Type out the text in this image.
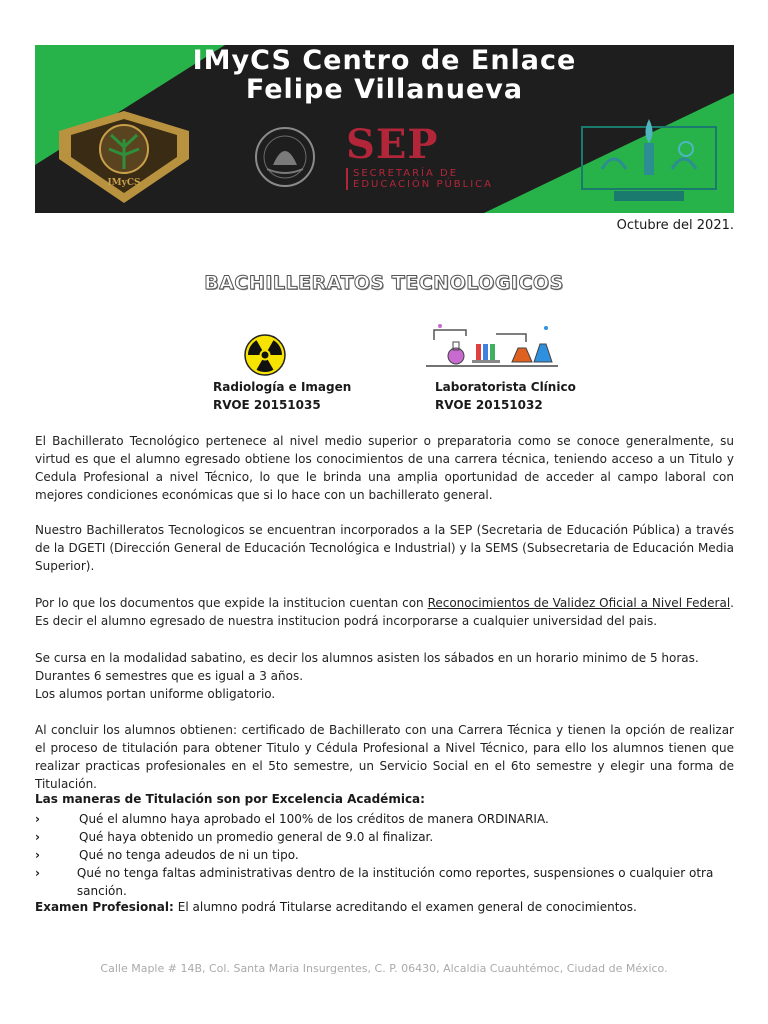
IMyCS Centro de Enlace
Felipe Villanueva
IMyCS
SEP
SECRETARÍA DE
EDUCACIÓN PÚBLICA
Octubre del 2021.
BACHILLERATOS TECNOLOGICOS
Radiología e Imagen
RVOE 20151035
Laboratorista Clínico
RVOE 20151032
El Bachillerato Tecnológico pertenece al nivel medio superior o preparatoria como se conoce generalmente, su virtud es que el alumno egresado obtiene los conocimientos de una carrera técnica, teniendo acceso a un Titulo y Cedula Profesional a nivel Técnico, lo que le brinda una amplia oportunidad de acceder al campo laboral con mejores condiciones económicas que si lo hace con un bachillerato general.
Nuestro Bachilleratos Tecnologicos se encuentran incorporados a la SEP (Secretaria de Educación Pública) a través de la DGETI (Dirección General de Educación Tecnológica e Industrial) y la SEMS (Subsecretaria de Educación Media Superior).
Por lo que los documentos que expide la institucion cuentan con Reconocimientos de Validez Oficial a Nivel Federal. Es decir el alumno egresado de nuestra institucion podrá incorporarse a cualquier universidad del pais.
Se cursa en la modalidad sabatino, es decir los alumnos asisten los sábados en un horario minimo de 5 horas.
Durantes 6 semestres que es igual a 3 años.
Los alumos portan uniforme obligatorio.
Al concluir los alumnos obtienen: certificado de Bachillerato con una Carrera Técnica y tienen la opción de realizar el proceso de titulación para obtener Titulo y Cédula Profesional a Nivel Técnico, para ello los alumnos tienen que realizar practicas profesionales en el 5to semestre, un Servicio Social en el 6to semestre y elegir una forma de Titulación.
Las maneras de Titulación son por Excelencia Académica:
›	Qué el alumno haya aprobado el 100% de los créditos de manera ORDINARIA.
›	Qué haya obtenido un promedio general de 9.0 al finalizar.
›	Qué no tenga adeudos de ni un tipo.
›	Qué no tenga faltas administrativas dentro de la institución como reportes, suspensiones o cualquier otra sanción.
Examen Profesional: El alumno podrá Titularse acreditando el examen general de conocimientos.
Calle Maple # 14B, Col. Santa Maria Insurgentes, C. P. 06430, Alcaldia Cuauhtémoc, Ciudad de México.
